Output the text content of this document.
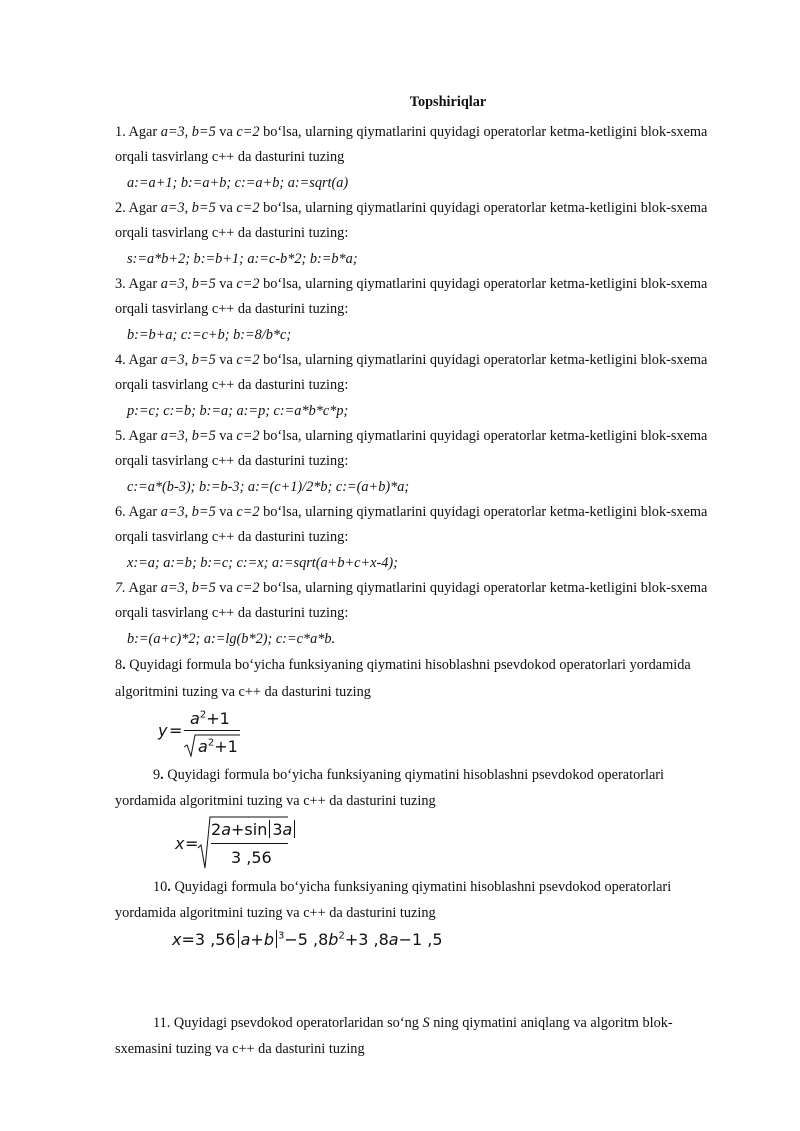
Topshiriqlar
1. Agar a=3, b=5 va c=2 bo‘lsa, ularning qiymatlarini quyidagi operatorlar ketma-ketligini blok-sxema
orqali tasvirlang c++ da dasturini tuzing
a:=a+1; b:=a+b; c:=a+b; a:=sqrt(a)
2. Agar a=3, b=5 va c=2 bo‘lsa, ularning qiymatlarini quyidagi operatorlar ketma-ketligini blok-sxema
orqali tasvirlang c++ da dasturini tuzing:
s:=a*b+2; b:=b+1; a:=c-b*2; b:=b*a;
3. Agar a=3, b=5 va c=2 bo‘lsa, ularning qiymatlarini quyidagi operatorlar ketma-ketligini blok-sxema
orqali tasvirlang c++ da dasturini tuzing:
b:=b+a; c:=c+b; b:=8/b*c;
4. Agar a=3, b=5 va c=2 bo‘lsa, ularning qiymatlarini quyidagi operatorlar ketma-ketligini blok-sxema
orqali tasvirlang c++ da dasturini tuzing:
p:=c; c:=b; b:=a; a:=p; c:=a*b*c*p;
5. Agar a=3, b=5 va c=2 bo‘lsa, ularning qiymatlarini quyidagi operatorlar ketma-ketligini blok-sxema
orqali tasvirlang c++ da dasturini tuzing:
c:=a*(b-3); b:=b-3; a:=(c+1)/2*b; c:=(a+b)*a;
6. Agar a=3, b=5 va c=2 bo‘lsa, ularning qiymatlarini quyidagi operatorlar ketma-ketligini blok-sxema
orqali tasvirlang c++ da dasturini tuzing:
x:=a; a:=b; b:=c; c:=x; a:=sqrt(a+b+c+x-4);
7. Agar a=3, b=5 va c=2 bo‘lsa, ularning qiymatlarini quyidagi operatorlar ketma-ketligini blok-sxema
orqali tasvirlang c++ da dasturini tuzing:
b:=(a+c)*2; a:=lg(b*2); c:=c*a*b.
8. Quyidagi formula bo‘yicha funksiyaning qiymatini hisoblashni psevdokod operatorlari yordamida
algoritmini tuzing va c++ da dasturini tuzing
y =
$a^2+1$
$a^2+1$
9. Quyidagi formula bo‘yicha funksiyaning qiymatini hisoblashni psevdokod operatorlari
yordamida algoritmini tuzing va c++ da dasturini tuzing
x =
2a+sin 3a
3 ,56
10. Quyidagi formula bo‘yicha funksiyaning qiymatini hisoblashni psevdokod operatorlari
yordamida algoritmini tuzing va c++ da dasturini tuzing
x=3 ,56 a+b $^3$−5 $,8b^2+3$ ,8a−1 ,5
11. Quyidagi psevdokod operatorlaridan so‘ng S ning qiymatini aniqlang va algoritm blok-
sxemasini tuzing va c++ da dasturini tuzing
